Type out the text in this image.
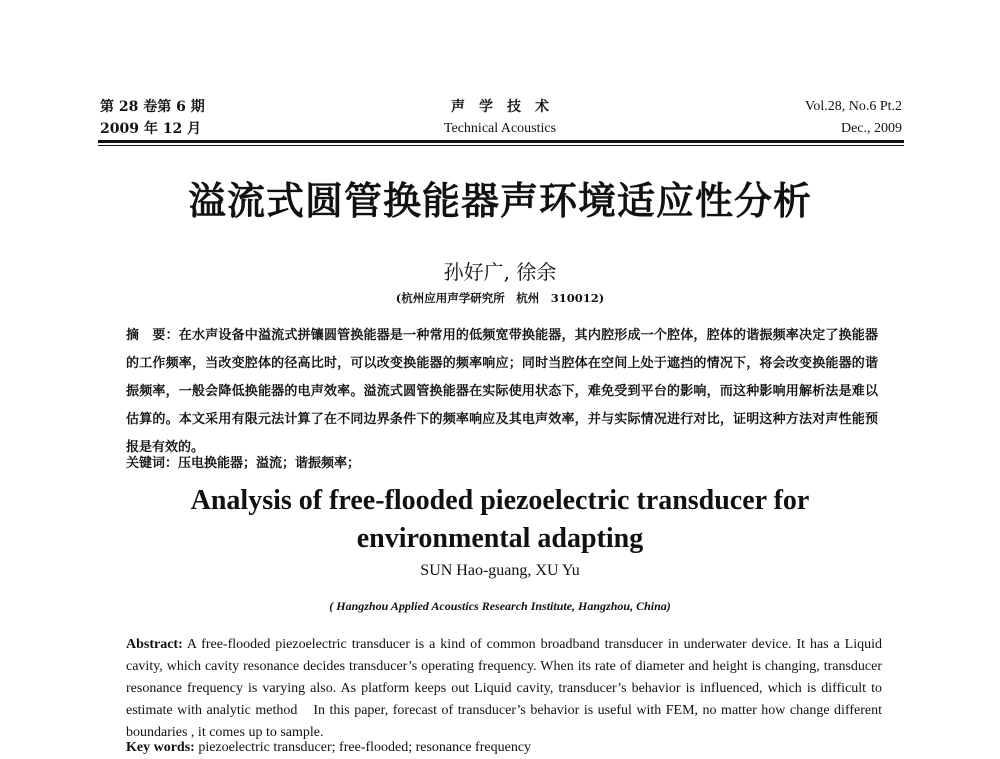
第 28 卷第 6 期
2009 年 12 月
声　学　技　术
Technical Acoustics
Vol.28, No.6 Pt.2
Dec., 2009
溢流式圆管换能器声环境适应性分析
孙好广, 徐余
(杭州应用声学研究所　杭州　310012)
摘　要：在水声设备中溢流式拼镶圆管换能器是一种常用的低频宽带换能器，其内腔形成一个腔体，腔体的谐振频率决定了换能器的工作频率，当改变腔体的径高比时，可以改变换能器的频率响应；同时当腔体在空间上处于遮挡的情况下，将会改变换能器的谐振频率，一般会降低换能器的电声效率。溢流式圆管换能器在实际使用状态下，难免受到平台的影响，而这种影响用解析法是难以估算的。本文采用有限元法计算了在不同边界条件下的频率响应及其电声效率，并与实际情况进行对比，证明这种方法对声性能预报是有效的。
关键词：压电换能器；溢流；谐振频率；
Analysis of free-flooded piezoelectric transducer for
environmental adapting
SUN Hao-guang, XU Yu
( Hangzhou Applied Acoustics Research Institute, Hangzhou, China)
Abstract: A free-flooded piezoelectric transducer is a kind of common broadband transducer in underwater device. It has a Liquid cavity, which cavity resonance decides transducer’s operating frequency. When its rate of diameter and height is changing, transducer resonance frequency is varying also. As platform keeps out Liquid cavity, transducer’s behavior is influenced, which is difficult to estimate with analytic method　In this paper, forecast of transducer’s behavior is useful with FEM, no matter how change different boundaries , it comes up to sample.
Key words: piezoelectric transducer; free-flooded; resonance frequency
